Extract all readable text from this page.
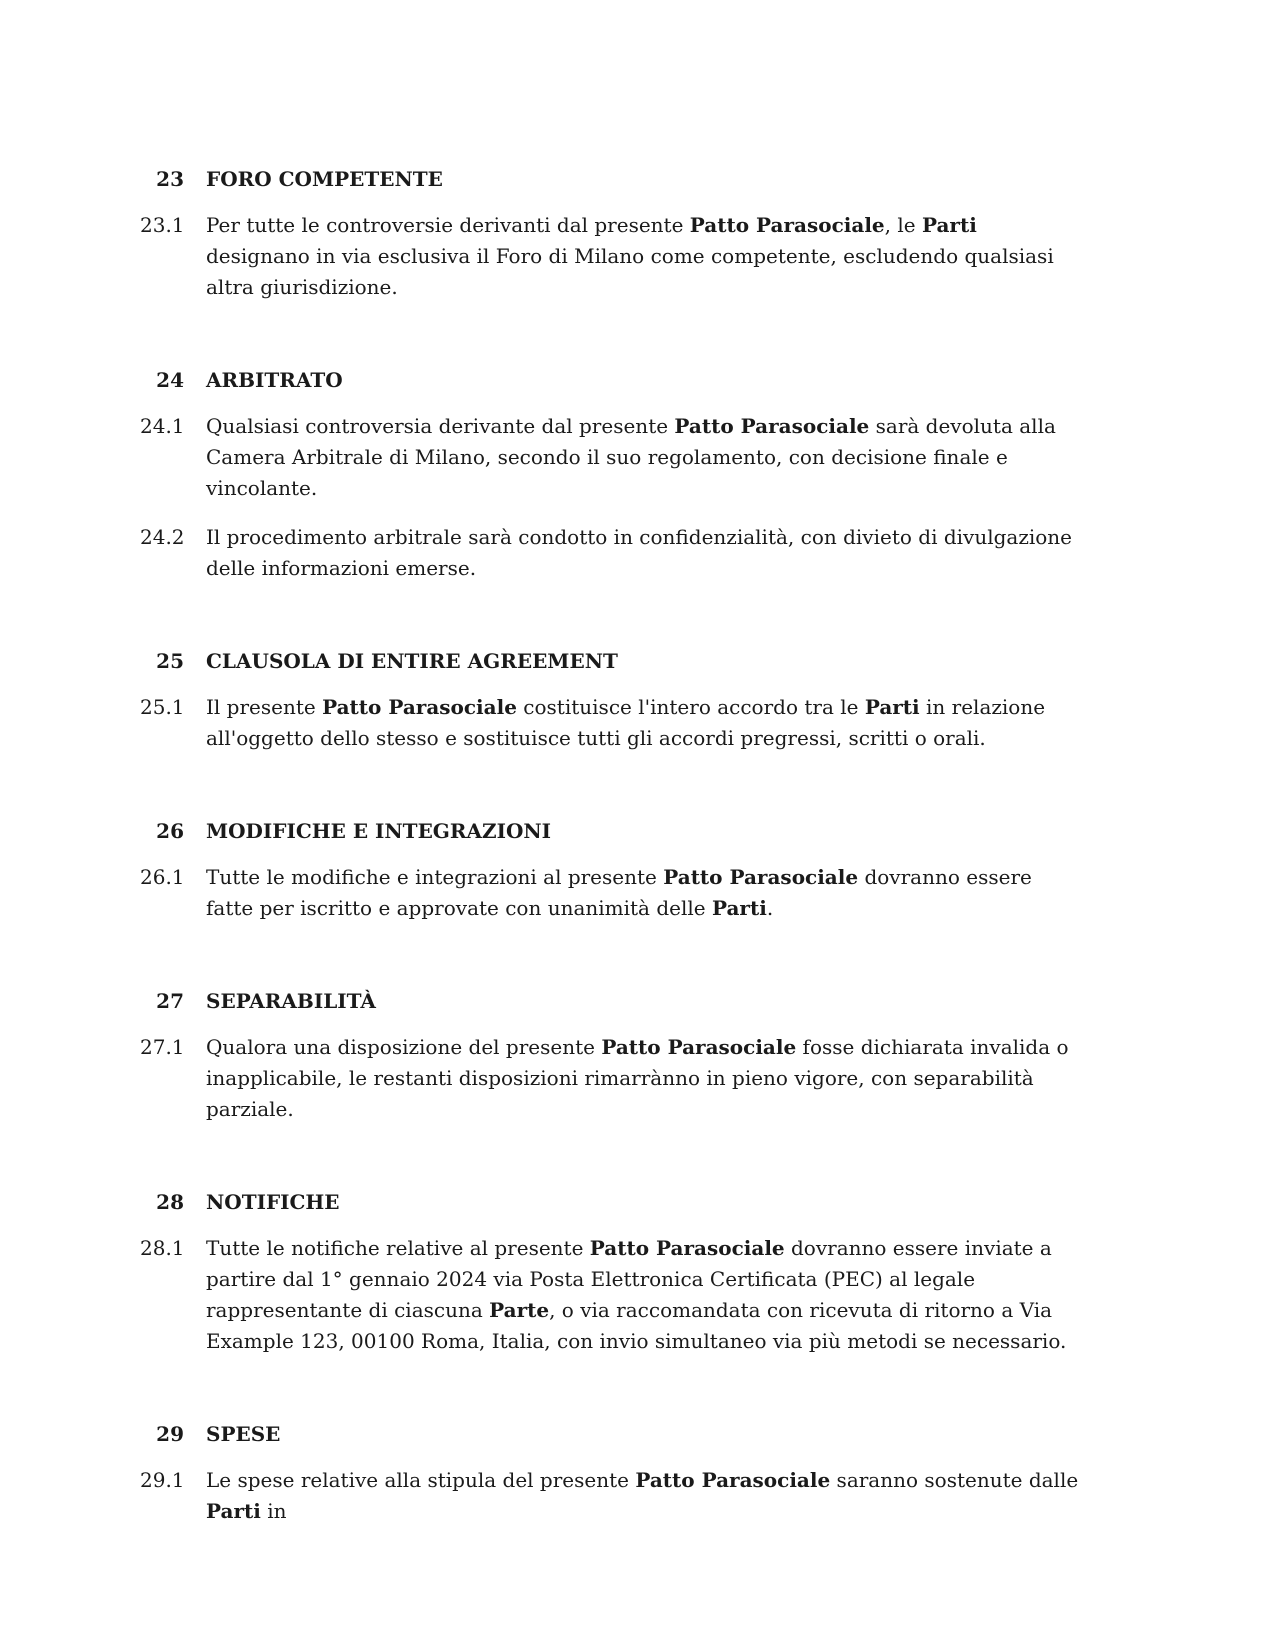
23	FORO COMPETENTE
23.1	Per tutte le controversie derivanti dal presente Patto Parasociale, le Parti designano in via esclusiva il Foro di Milano come competente, escludendo qualsiasi altra giurisdizione.
24	ARBITRATO
24.1	Qualsiasi controversia derivante dal presente Patto Parasociale sarà devoluta alla Camera Arbitrale di Milano, secondo il suo regolamento, con decisione finale e vincolante.
24.2	Il procedimento arbitrale sarà condotto in confidenzialità, con divieto di divulgazione delle informazioni emerse.
25	CLAUSOLA DI ENTIRE AGREEMENT
25.1	Il presente Patto Parasociale costituisce l'intero accordo tra le Parti in relazione all'oggetto dello stesso e sostituisce tutti gli accordi pregressi, scritti o orali.
26	MODIFICHE E INTEGRAZIONI
26.1	Tutte le modifiche e integrazioni al presente Patto Parasociale dovranno essere fatte per iscritto e approvate con unanimità delle Parti.
27	SEPARABILITÀ
27.1	Qualora una disposizione del presente Patto Parasociale fosse dichiarata invalida o inapplicabile, le restanti disposizioni rimarrànno in pieno vigore, con separabilità parziale.
28	NOTIFICHE
28.1	Tutte le notifiche relative al presente Patto Parasociale dovranno essere inviate a partire dal 1° gennaio 2024 via Posta Elettronica Certificata (PEC) al legale rappresentante di ciascuna Parte, o via raccomandata con ricevuta di ritorno a Via Example 123, 00100 Roma, Italia, con invio simultaneo via più metodi se necessario.
29	SPESE
29.1	Le spese relative alla stipula del presente Patto Parasociale saranno sostenute dalle Parti in
